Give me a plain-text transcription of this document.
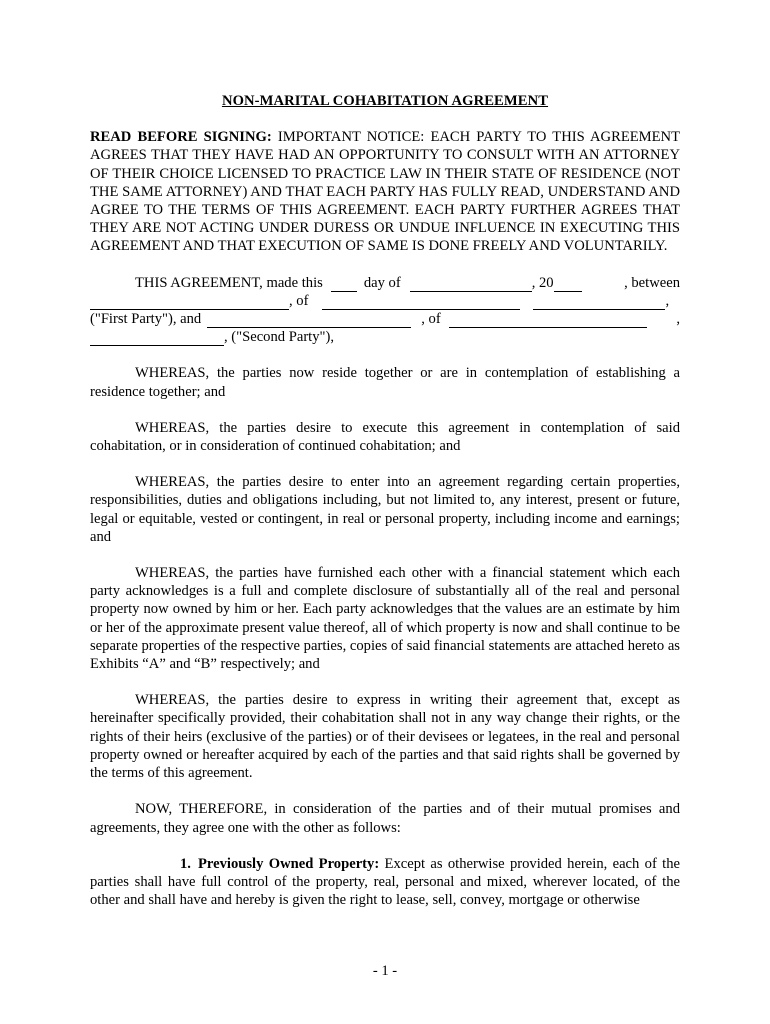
NON-MARITAL COHABITATION AGREEMENT

READ BEFORE SIGNING: IMPORTANT NOTICE: EACH PARTY TO THIS AGREEMENT AGREES THAT THEY HAVE HAD AN OPPORTUNITY TO CONSULT WITH AN ATTORNEY OF THEIR CHOICE LICENSED TO PRACTICE LAW IN THEIR STATE OF RESIDENCE (NOT THE SAME ATTORNEY) AND THAT EACH PARTY HAS FULLY READ, UNDERSTAND AND AGREE TO THE TERMS OF THIS AGREEMENT. EACH PARTY FURTHER AGREES THAT THEY ARE NOT ACTING UNDER DURESS OR UNDUE INFLUENCE IN EXECUTING THIS AGREEMENT AND THAT EXECUTION OF SAME IS DONE FREELY AND VOLUNTARILY.

THIS AGREEMENT, made this	day of	, 20	, between
, of	,
("First Party"), and	, of	,
, ("Second Party"),

WHEREAS, the parties now reside together or are in contemplation of establishing a residence together; and

WHEREAS, the parties desire to execute this agreement in contemplation of said cohabitation, or in consideration of continued cohabitation; and

WHEREAS, the parties desire to enter into an agreement regarding certain properties, responsibilities, duties and obligations including, but not limited to, any interest, present or future, legal or equitable, vested or contingent, in real or personal property, including income and earnings; and

WHEREAS, the parties have furnished each other with a financial statement which each party acknowledges is a full and complete disclosure of substantially all of the real and personal property now owned by him or her. Each party acknowledges that the values are an estimate by him or her of the approximate present value thereof, all of which property is now and shall continue to be separate properties of the respective parties, copies of said financial statements are attached hereto as Exhibits “A” and “B” respectively; and

WHEREAS, the parties desire to express in writing their agreement that, except as hereinafter specifically provided, their cohabitation shall not in any way change their rights, or the rights of their heirs (exclusive of the parties) or of their devisees or legatees, in the real and personal property owned or hereafter acquired by each of the parties and that said rights shall be governed by the terms of this agreement.

NOW, THEREFORE, in consideration of the parties and of their mutual promises and agreements, they agree one with the other as follows:

1. Previously Owned Property: Except as otherwise provided herein, each of the parties shall have full control of the property, real, personal and mixed, wherever located, of the other and shall have and hereby is given the right to lease, sell, convey, mortgage or otherwise

- 1 -
